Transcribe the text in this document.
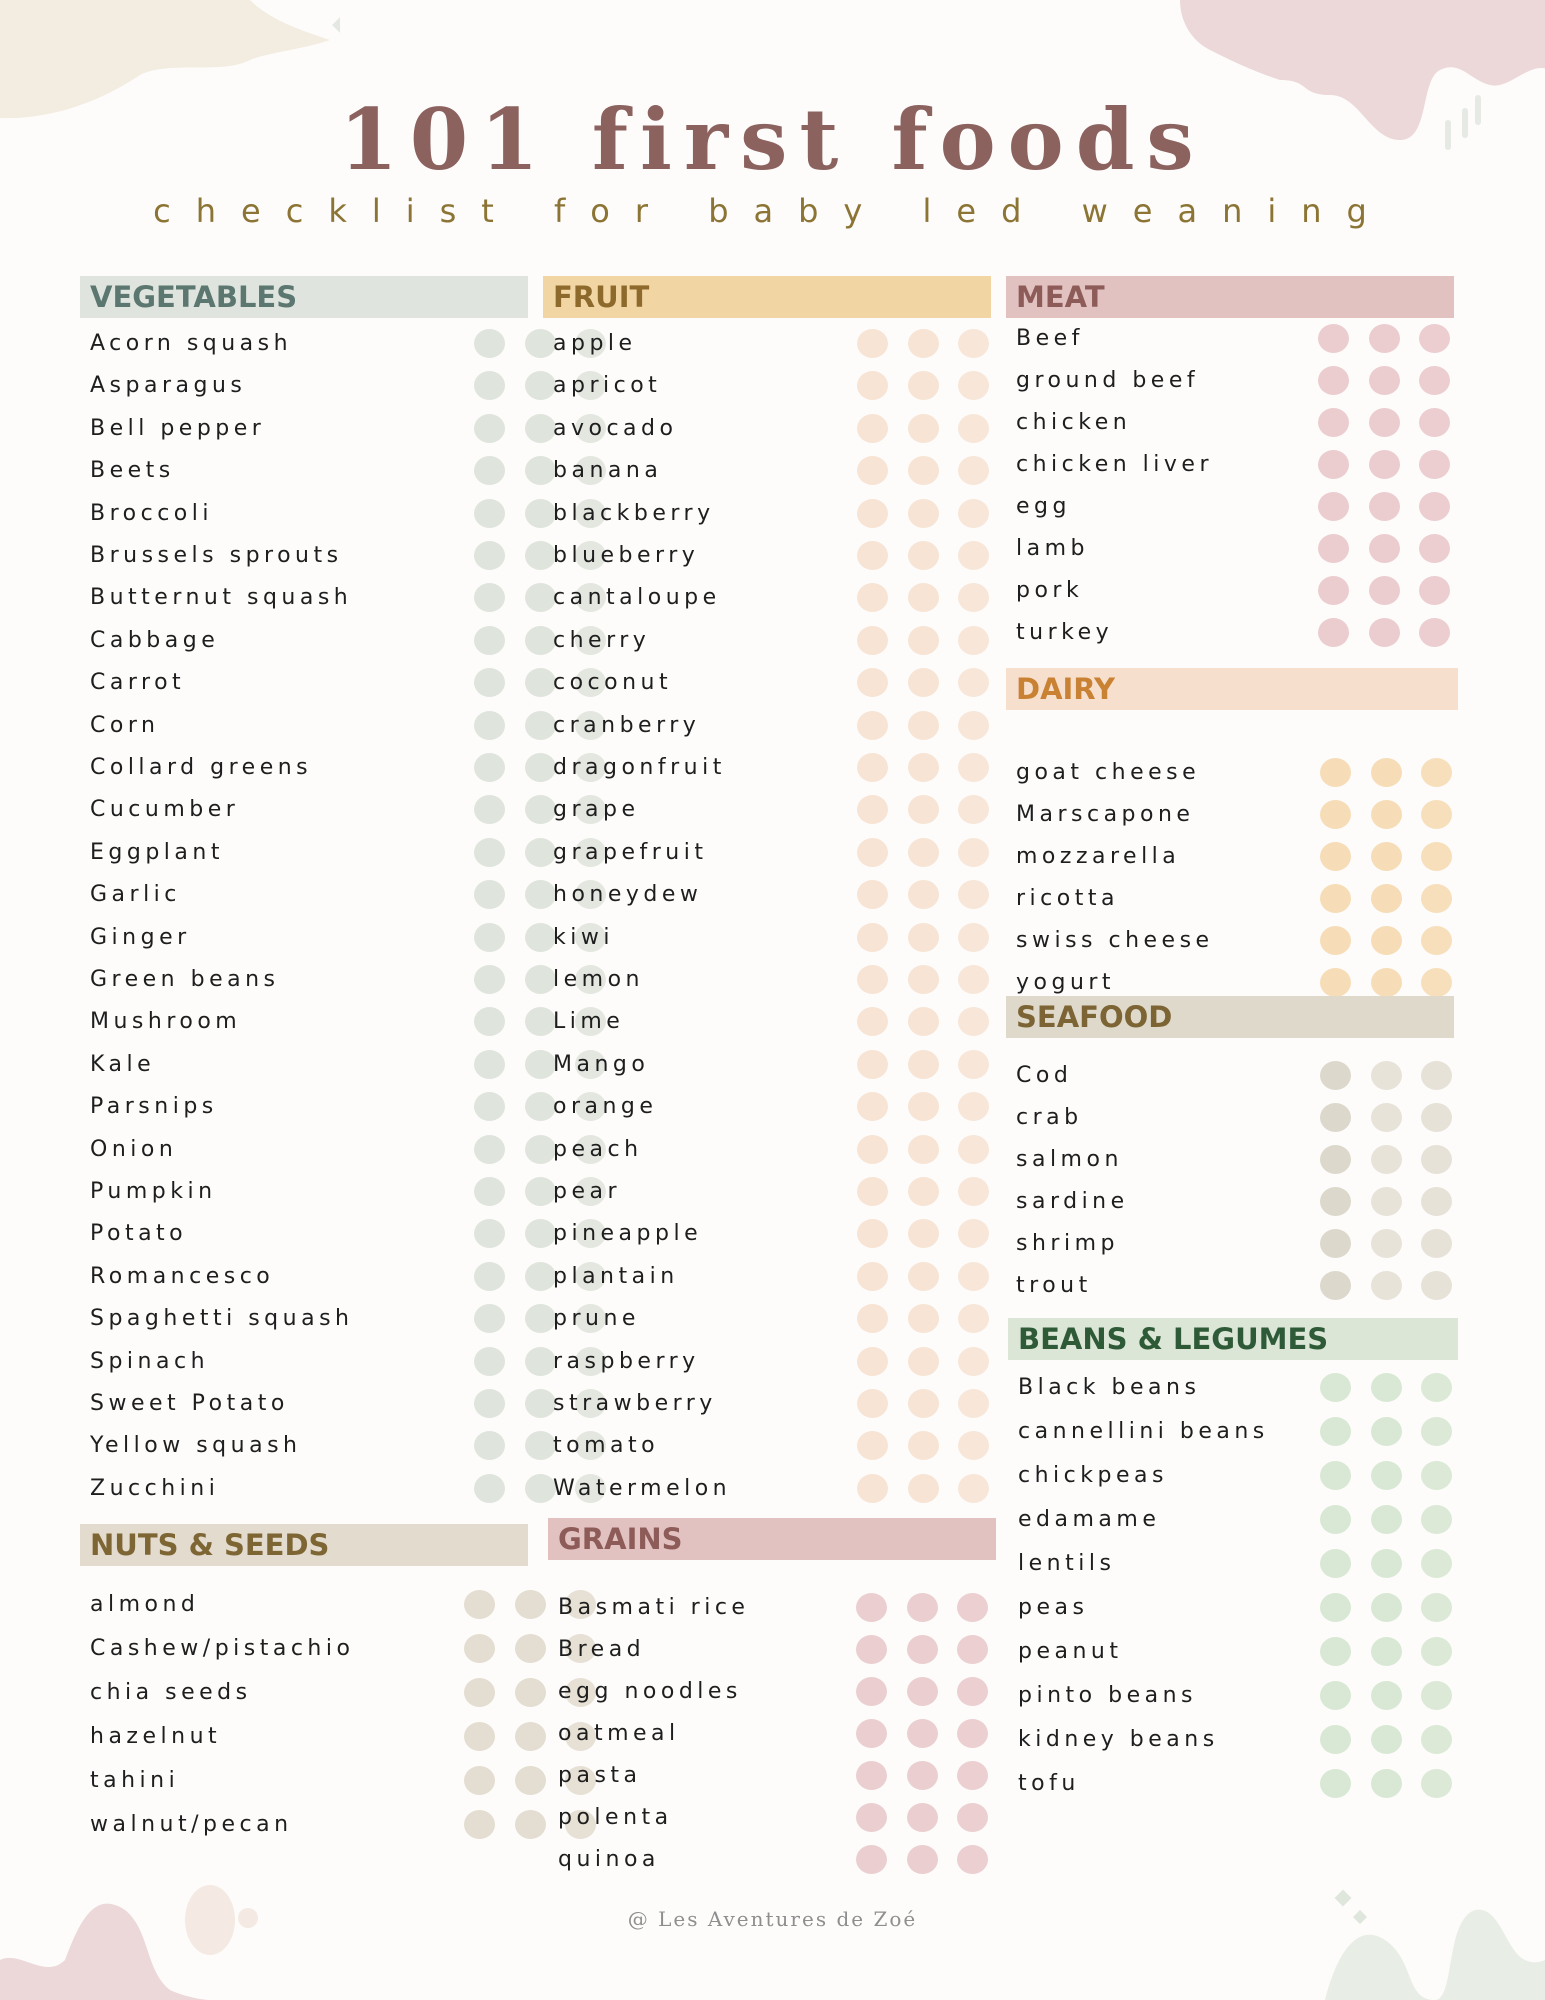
101 first foods
checklist for baby led weaning
VEGETABLES
Acorn squash
Asparagus
Bell pepper
Beets
Broccoli
Brussels sprouts
Butternut squash
Cabbage
Carrot
Corn
Collard greens
Cucumber
Eggplant
Garlic
Ginger
Green beans
Mushroom
Kale
Parsnips
Onion
Pumpkin
Potato
Romancesco
Spaghetti squash
Spinach
Sweet Potato
Yellow squash
Zucchini
NUTS & SEEDS
almond
Cashew/pistachio
chia seeds
hazelnut
tahini
walnut/pecan
FRUIT
apple
apricot
avocado
banana
blackberry
blueberry
cantaloupe
cherry
coconut
cranberry
dragonfruit
grape
grapefruit
honeydew
kiwi
lemon
Lime
Mango
orange
peach
pear
pineapple
plantain
prune
raspberry
strawberry
tomato
Watermelon
GRAINS
Basmati rice
Bread
egg noodles
oatmeal
pasta
polenta
quinoa
MEAT
Beef
ground beef
chicken
chicken liver
egg
lamb
pork
turkey
DAIRY
goat cheese
Marscapone
mozzarella
ricotta
swiss cheese
yogurt
SEAFOOD
Cod
crab
salmon
sardine
shrimp
trout
BEANS & LEGUMES
Black beans
cannellini beans
chickpeas
edamame
lentils
peas
peanut
pinto beans
kidney beans
tofu
@ Les Aventures de Zoé
